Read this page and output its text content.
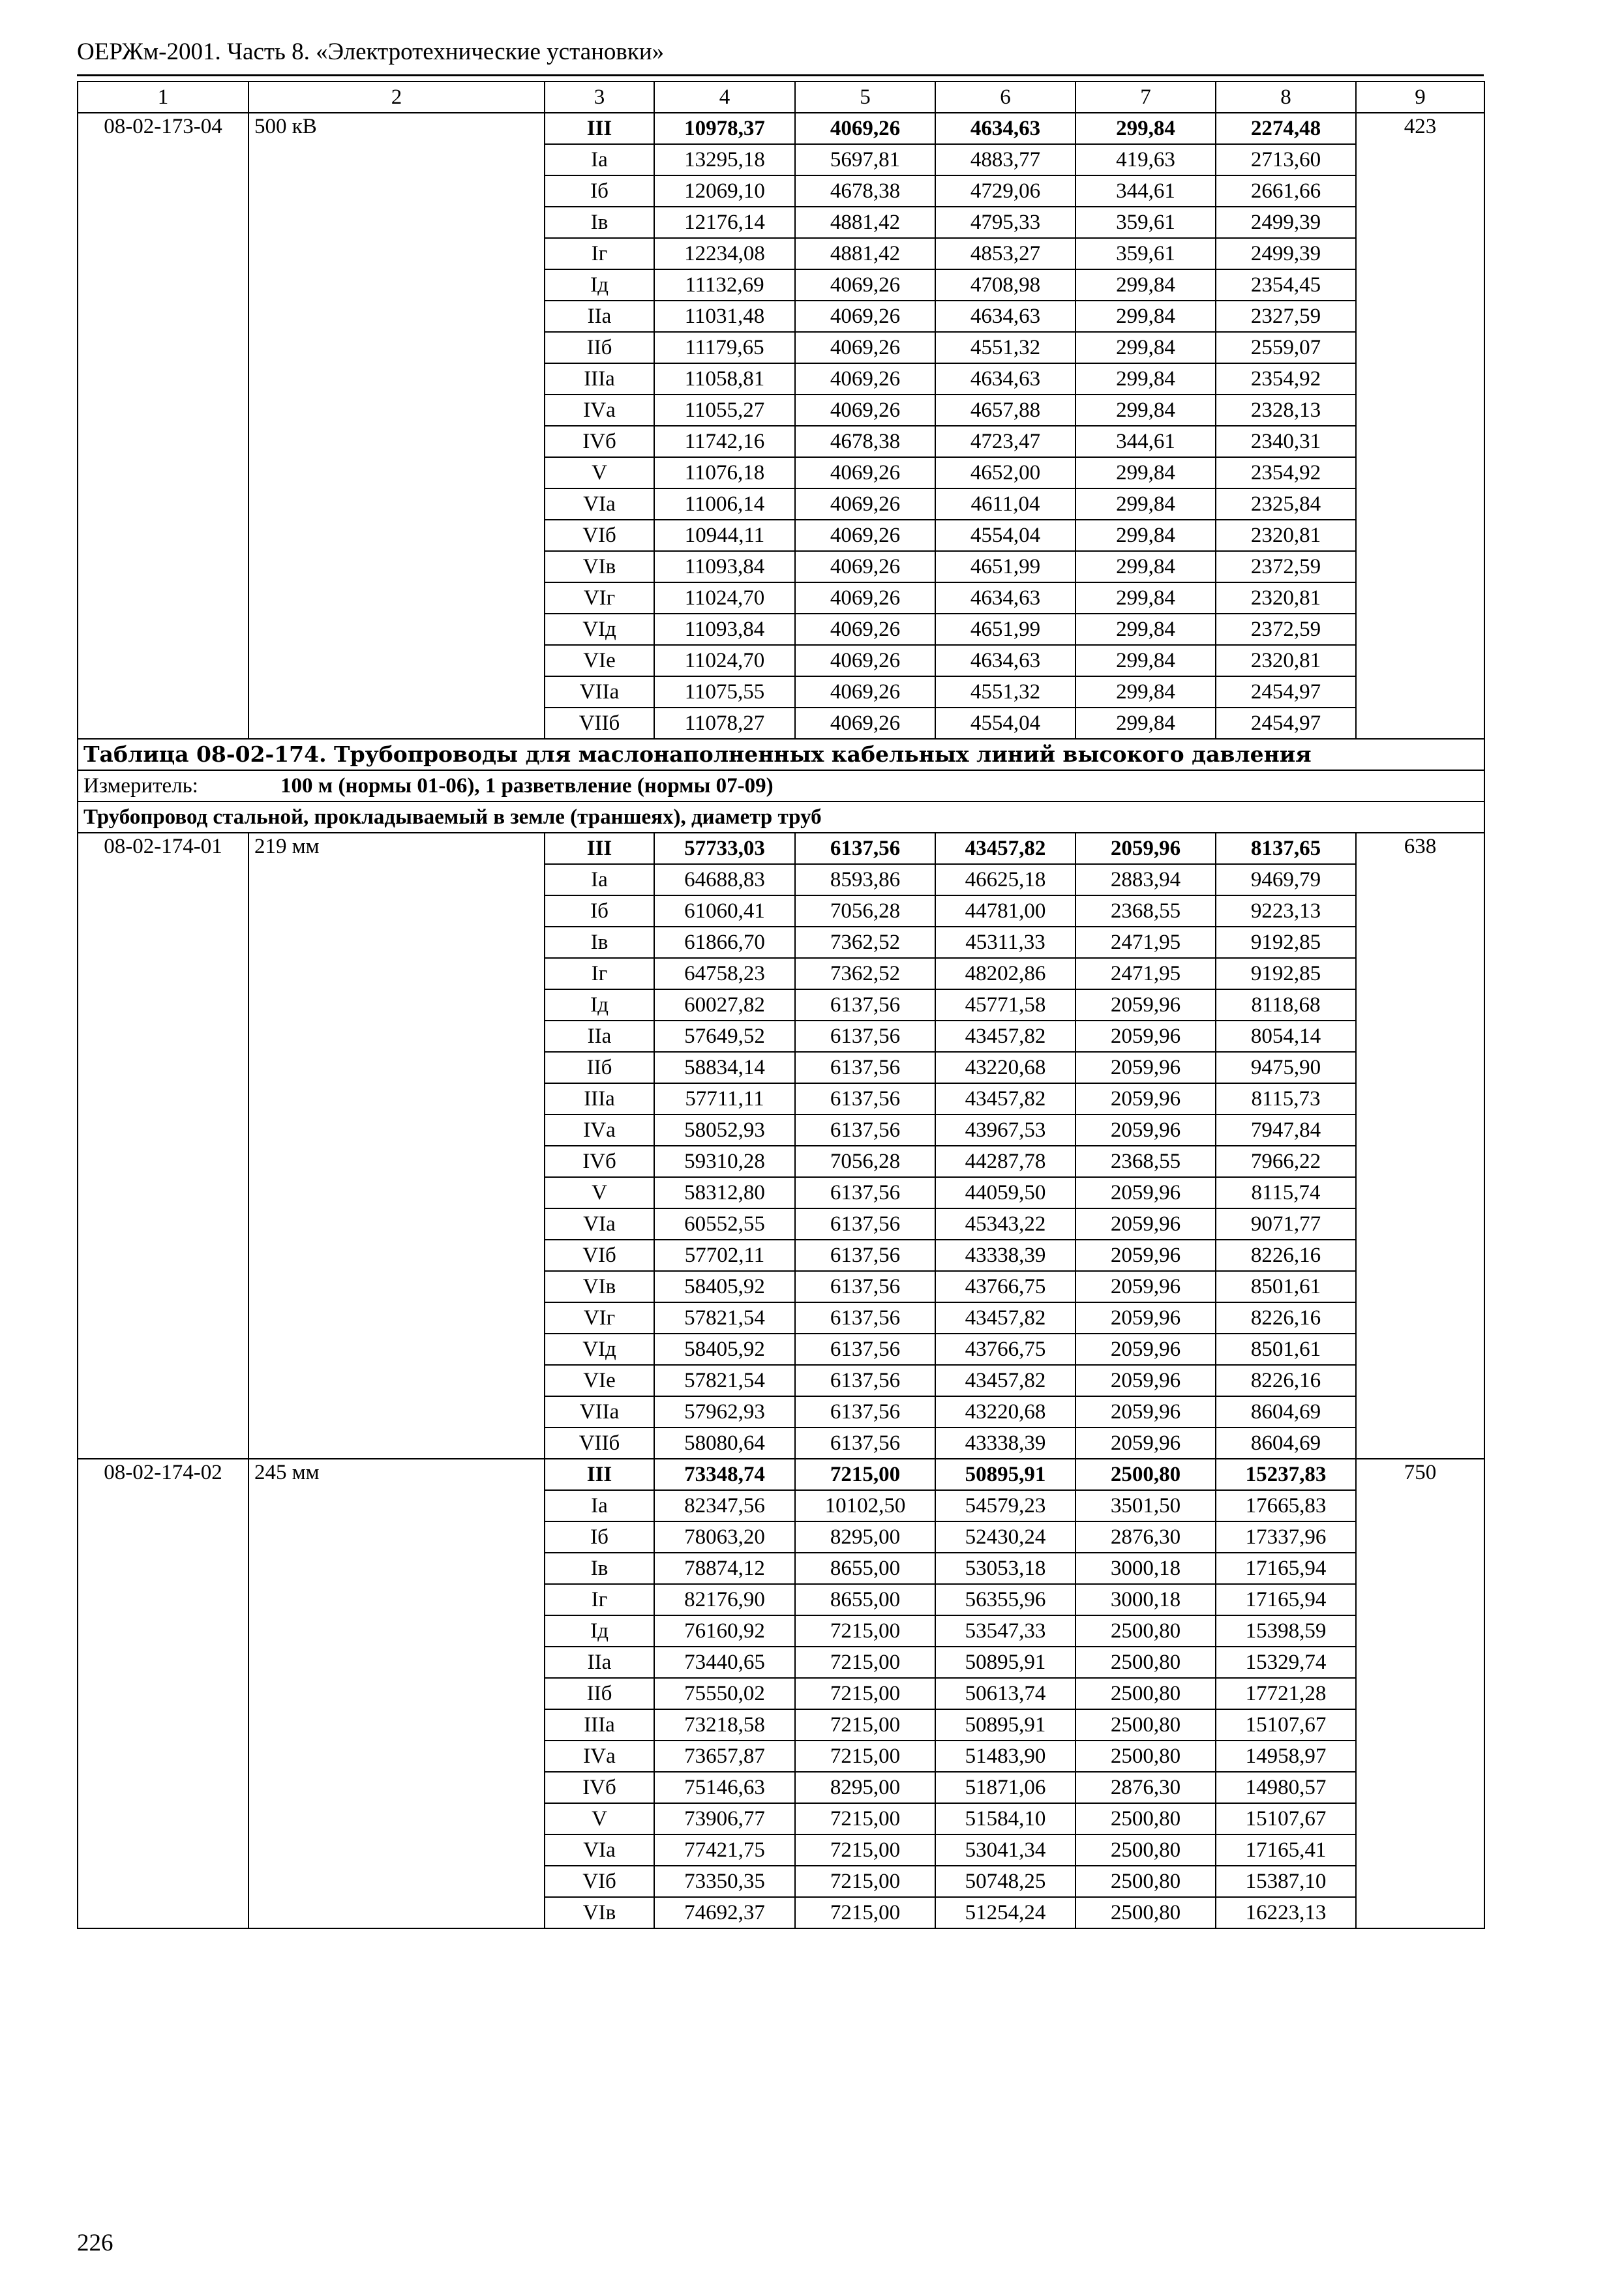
ОЕРЖм-2001. Часть 8. «Электротехнические установки»
1	2	3	4	5	6	7	8	9
08-02-173-04	500 кВ	III	10978,37	4069,26	4634,63	299,84	2274,48	423
		Iа	13295,18	5697,81	4883,77	419,63	2713,60	
		Iб	12069,10	4678,38	4729,06	344,61	2661,66	
		Iв	12176,14	4881,42	4795,33	359,61	2499,39	
		Iг	12234,08	4881,42	4853,27	359,61	2499,39	
		Iд	11132,69	4069,26	4708,98	299,84	2354,45	
		IIа	11031,48	4069,26	4634,63	299,84	2327,59	
		IIб	11179,65	4069,26	4551,32	299,84	2559,07	
		IIIа	11058,81	4069,26	4634,63	299,84	2354,92	
		IVа	11055,27	4069,26	4657,88	299,84	2328,13	
		IVб	11742,16	4678,38	4723,47	344,61	2340,31	
		V	11076,18	4069,26	4652,00	299,84	2354,92	
		VIа	11006,14	4069,26	4611,04	299,84	2325,84	
		VIб	10944,11	4069,26	4554,04	299,84	2320,81	
		VIв	11093,84	4069,26	4651,99	299,84	2372,59	
		VIг	11024,70	4069,26	4634,63	299,84	2320,81	
		VIд	11093,84	4069,26	4651,99	299,84	2372,59	
		VIе	11024,70	4069,26	4634,63	299,84	2320,81	
		VIIа	11075,55	4069,26	4551,32	299,84	2454,97	
		VIIб	11078,27	4069,26	4554,04	299,84	2454,97	
Таблица 08-02-174. Трубопроводы для маслонаполненных кабельных линий высокого давления								
Измеритель: 100 м (нормы 01-06), 1 разветвление (нормы 07-09)								
Трубопровод стальной, прокладываемый в земле (траншеях), диаметр труб								
08-02-174-01	219 мм	III	57733,03	6137,56	43457,82	2059,96	8137,65	638
		Iа	64688,83	8593,86	46625,18	2883,94	9469,79	
		Iб	61060,41	7056,28	44781,00	2368,55	9223,13	
		Iв	61866,70	7362,52	45311,33	2471,95	9192,85	
		Iг	64758,23	7362,52	48202,86	2471,95	9192,85	
		Iд	60027,82	6137,56	45771,58	2059,96	8118,68	
		IIа	57649,52	6137,56	43457,82	2059,96	8054,14	
		IIб	58834,14	6137,56	43220,68	2059,96	9475,90	
		IIIа	57711,11	6137,56	43457,82	2059,96	8115,73	
		IVа	58052,93	6137,56	43967,53	2059,96	7947,84	
		IVб	59310,28	7056,28	44287,78	2368,55	7966,22	
		V	58312,80	6137,56	44059,50	2059,96	8115,74	
		VIа	60552,55	6137,56	45343,22	2059,96	9071,77	
		VIб	57702,11	6137,56	43338,39	2059,96	8226,16	
		VIв	58405,92	6137,56	43766,75	2059,96	8501,61	
		VIг	57821,54	6137,56	43457,82	2059,96	8226,16	
		VIд	58405,92	6137,56	43766,75	2059,96	8501,61	
		VIе	57821,54	6137,56	43457,82	2059,96	8226,16	
		VIIа	57962,93	6137,56	43220,68	2059,96	8604,69	
		VIIб	58080,64	6137,56	43338,39	2059,96	8604,69	
08-02-174-02	245 мм	III	73348,74	7215,00	50895,91	2500,80	15237,83	750
		Iа	82347,56	10102,50	54579,23	3501,50	17665,83	
		Iб	78063,20	8295,00	52430,24	2876,30	17337,96	
		Iв	78874,12	8655,00	53053,18	3000,18	17165,94	
		Iг	82176,90	8655,00	56355,96	3000,18	17165,94	
		Iд	76160,92	7215,00	53547,33	2500,80	15398,59	
		IIа	73440,65	7215,00	50895,91	2500,80	15329,74	
		IIб	75550,02	7215,00	50613,74	2500,80	17721,28	
		IIIа	73218,58	7215,00	50895,91	2500,80	15107,67	
		IVа	73657,87	7215,00	51483,90	2500,80	14958,97	
		IVб	75146,63	8295,00	51871,06	2876,30	14980,57	
		V	73906,77	7215,00	51584,10	2500,80	15107,67	
		VIа	77421,75	7215,00	53041,34	2500,80	17165,41	
		VIб	73350,35	7215,00	50748,25	2500,80	15387,10	
		VIв	74692,37	7215,00	51254,24	2500,80	16223,13	
226
